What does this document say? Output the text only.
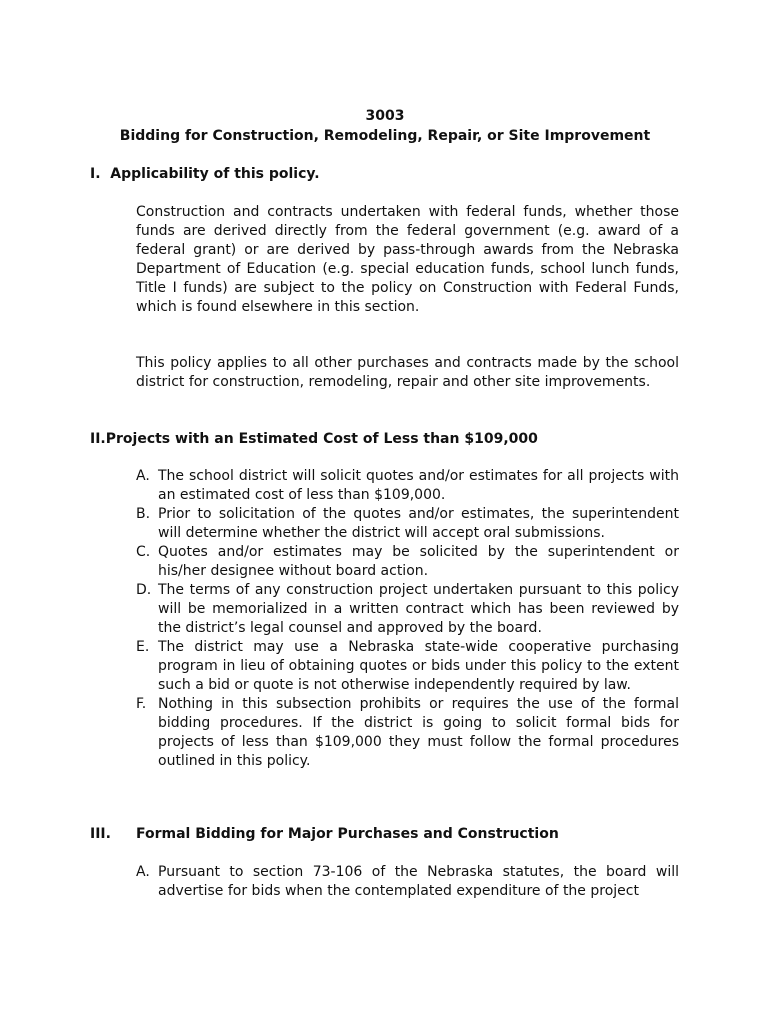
3003
Bidding for Construction, Remodeling, Repair, or Site Improvement
I.  Applicability of this policy.

Construction and contracts undertaken with federal funds, whether those funds are derived directly from the federal government (e.g. award of a federal grant) or are derived by pass-through awards from the Nebraska Department of Education (e.g. special education funds, school lunch funds, Title I funds) are subject to the policy on Construction with Federal Funds, which is found elsewhere in this section.

This policy applies to all other purchases and contracts made by the school district for construction, remodeling, repair and other site improvements.

II.Projects with an Estimated Cost of Less than $109,000
A. The school district will solicit quotes and/or estimates for all projects with an estimated cost of less than $109,000.
B. Prior to solicitation of the quotes and/or estimates, the superintendent will determine whether the district will accept oral submissions.
C. Quotes and/or estimates may be solicited by the superintendent or his/her designee without board action.
D. The terms of any construction project undertaken pursuant to this policy will be memorialized in a written contract which has been reviewed by the district’s legal counsel and approved by the board.
E. The district may use a Nebraska state-wide cooperative purchasing program in lieu of obtaining quotes or bids under this policy to the extent such a bid or quote is not otherwise independently required by law.
F. Nothing in this subsection prohibits or requires the use of the formal bidding procedures. If the district is going to solicit formal bids for projects of less than $109,000 they must follow the formal procedures outlined in this policy.
III. Formal Bidding for Major Purchases and Construction
A. Pursuant to section 73-106 of the Nebraska statutes, the board will advertise for bids when the contemplated expenditure of the project
